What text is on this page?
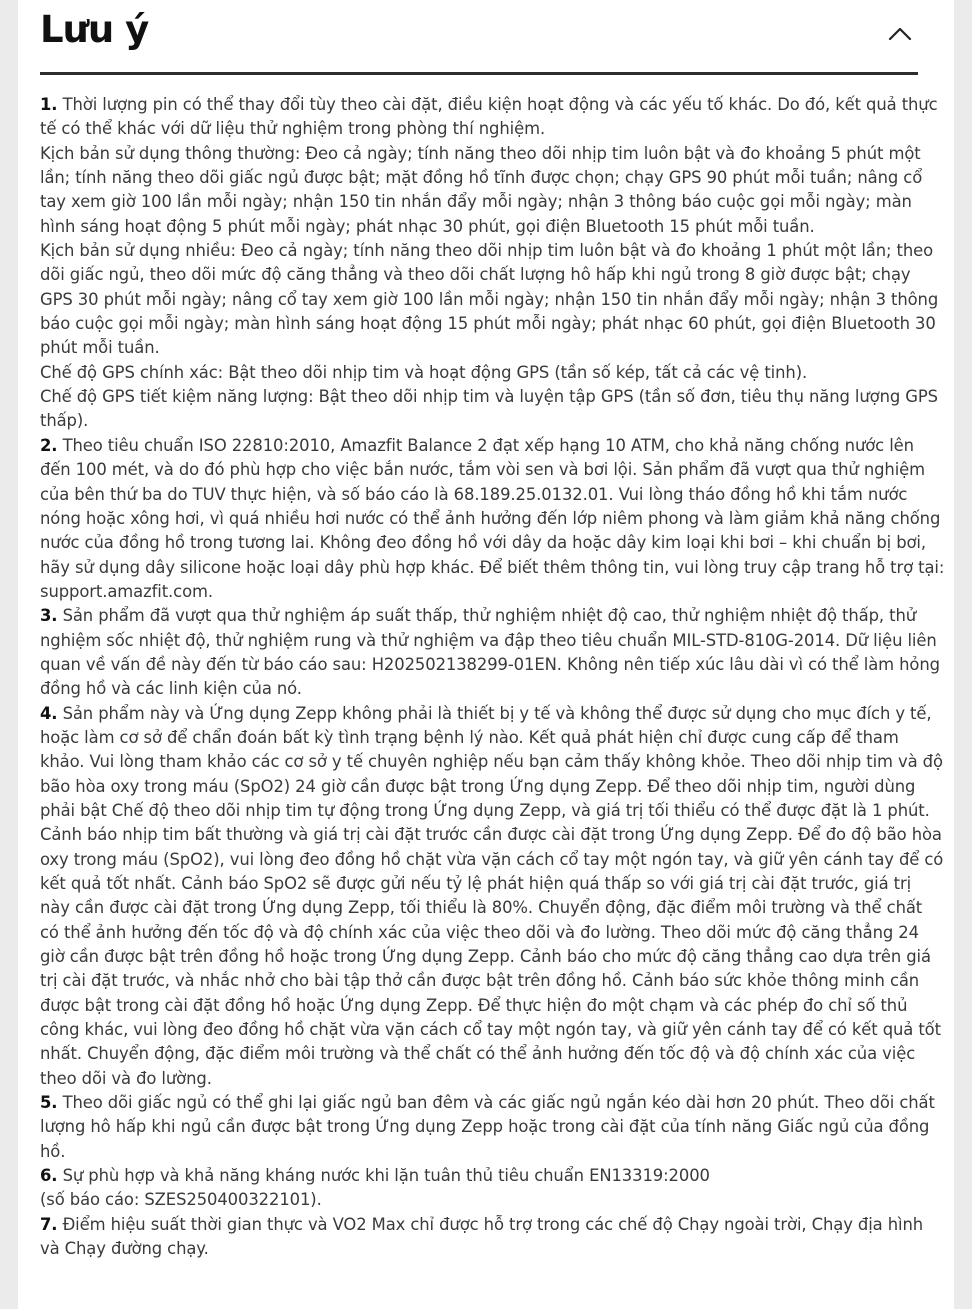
Lưu ý

1. Thời lượng pin có thể thay đổi tùy theo cài đặt, điều kiện hoạt động và các yếu tố khác. Do đó, kết quả thực tế có thể khác với dữ liệu thử nghiệm trong phòng thí nghiệm.

Kịch bản sử dụng thông thường: Đeo cả ngày; tính năng theo dõi nhịp tim luôn bật và đo khoảng 5 phút một lần; tính năng theo dõi giấc ngủ được bật; mặt đồng hồ tĩnh được chọn; chạy GPS 90 phút mỗi tuần; nâng cổ tay xem giờ 100 lần mỗi ngày; nhận 150 tin nhắn đẩy mỗi ngày; nhận 3 thông báo cuộc gọi mỗi ngày; màn hình sáng hoạt động 5 phút mỗi ngày; phát nhạc 30 phút, gọi điện Bluetooth 15 phút mỗi tuần.

Kịch bản sử dụng nhiều: Đeo cả ngày; tính năng theo dõi nhịp tim luôn bật và đo khoảng 1 phút một lần; theo dõi giấc ngủ, theo dõi mức độ căng thẳng và theo dõi chất lượng hô hấp khi ngủ trong 8 giờ được bật; chạy GPS 30 phút mỗi ngày; nâng cổ tay xem giờ 100 lần mỗi ngày; nhận 150 tin nhắn đẩy mỗi ngày; nhận 3 thông báo cuộc gọi mỗi ngày; màn hình sáng hoạt động 15 phút mỗi ngày; phát nhạc 60 phút, gọi điện Bluetooth 30 phút mỗi tuần.

Chế độ GPS chính xác: Bật theo dõi nhịp tim và hoạt động GPS (tần số kép, tất cả các vệ tinh).

Chế độ GPS tiết kiệm năng lượng: Bật theo dõi nhịp tim và luyện tập GPS (tần số đơn, tiêu thụ năng lượng GPS thấp).

2. Theo tiêu chuẩn ISO 22810:2010, Amazfit Balance 2 đạt xếp hạng 10 ATM, cho khả năng chống nước lên đến 100 mét, và do đó phù hợp cho việc bắn nước, tắm vòi sen và bơi lội. Sản phẩm đã vượt qua thử nghiệm của bên thứ ba do TUV thực hiện, và số báo cáo là 68.189.25.0132.01. Vui lòng tháo đồng hồ khi tắm nước nóng hoặc xông hơi, vì quá nhiều hơi nước có thể ảnh hưởng đến lớp niêm phong và làm giảm khả năng chống nước của đồng hồ trong tương lai. Không đeo đồng hồ với dây da hoặc dây kim loại khi bơi – khi chuẩn bị bơi, hãy sử dụng dây silicone hoặc loại dây phù hợp khác. Để biết thêm thông tin, vui lòng truy cập trang hỗ trợ tại: support.amazfit.com.

3. Sản phẩm đã vượt qua thử nghiệm áp suất thấp, thử nghiệm nhiệt độ cao, thử nghiệm nhiệt độ thấp, thử nghiệm sốc nhiệt độ, thử nghiệm rung và thử nghiệm va đập theo tiêu chuẩn MIL-STD-810G-2014. Dữ liệu liên quan về vấn đề này đến từ báo cáo sau: H202502138299-01EN. Không nên tiếp xúc lâu dài vì có thể làm hỏng đồng hồ và các linh kiện của nó.

4. Sản phẩm này và Ứng dụng Zepp không phải là thiết bị y tế và không thể được sử dụng cho mục đích y tế, hoặc làm cơ sở để chẩn đoán bất kỳ tình trạng bệnh lý nào. Kết quả phát hiện chỉ được cung cấp để tham khảo. Vui lòng tham khảo các cơ sở y tế chuyên nghiệp nếu bạn cảm thấy không khỏe. Theo dõi nhịp tim và độ bão hòa oxy trong máu (SpO2) 24 giờ cần được bật trong Ứng dụng Zepp. Để theo dõi nhịp tim, người dùng phải bật Chế độ theo dõi nhịp tim tự động trong Ứng dụng Zepp, và giá trị tối thiểu có thể được đặt là 1 phút. Cảnh báo nhịp tim bất thường và giá trị cài đặt trước cần được cài đặt trong Ứng dụng Zepp. Để đo độ bão hòa oxy trong máu (SpO2), vui lòng đeo đồng hồ chặt vừa vặn cách cổ tay một ngón tay, và giữ yên cánh tay để có kết quả tốt nhất. Cảnh báo SpO2 sẽ được gửi nếu tỷ lệ phát hiện quá thấp so với giá trị cài đặt trước, giá trị này cần được cài đặt trong Ứng dụng Zepp, tối thiểu là 80%. Chuyển động, đặc điểm môi trường và thể chất có thể ảnh hưởng đến tốc độ và độ chính xác của việc theo dõi và đo lường. Theo dõi mức độ căng thẳng 24 giờ cần được bật trên đồng hồ hoặc trong Ứng dụng Zepp. Cảnh báo cho mức độ căng thẳng cao dựa trên giá trị cài đặt trước, và nhắc nhở cho bài tập thở cần được bật trên đồng hồ. Cảnh báo sức khỏe thông minh cần được bật trong cài đặt đồng hồ hoặc Ứng dụng Zepp. Để thực hiện đo một chạm và các phép đo chỉ số thủ công khác, vui lòng đeo đồng hồ chặt vừa vặn cách cổ tay một ngón tay, và giữ yên cánh tay để có kết quả tốt nhất. Chuyển động, đặc điểm môi trường và thể chất có thể ảnh hưởng đến tốc độ và độ chính xác của việc theo dõi và đo lường.

5. Theo dõi giấc ngủ có thể ghi lại giấc ngủ ban đêm và các giấc ngủ ngắn kéo dài hơn 20 phút. Theo dõi chất lượng hô hấp khi ngủ cần được bật trong Ứng dụng Zepp hoặc trong cài đặt của tính năng Giấc ngủ của đồng hồ.

6. Sự phù hợp và khả năng kháng nước khi lặn tuân thủ tiêu chuẩn EN13319:2000

(số báo cáo: SZES250400322101).

7. Điểm hiệu suất thời gian thực và VO2 Max chỉ được hỗ trợ trong các chế độ Chạy ngoài trời, Chạy địa hình và Chạy đường chạy.
